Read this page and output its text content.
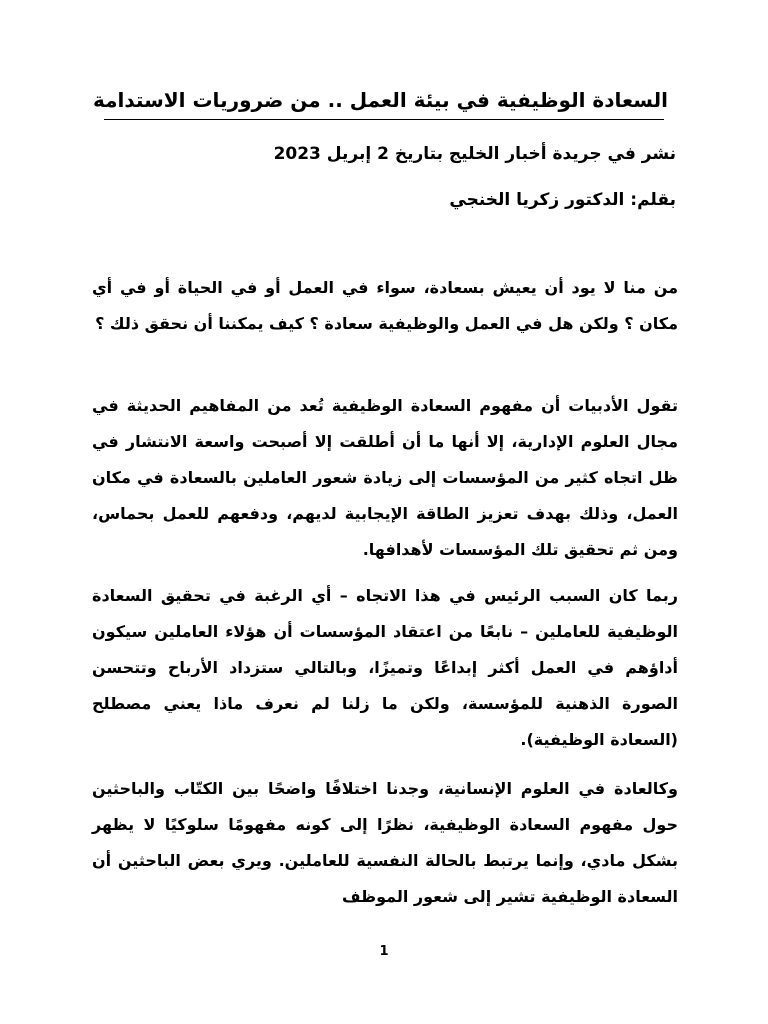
السعادة الوظيفية في بيئة العمل .. من ضروريات الاستدامة
نشر في جريدة أخبار الخليج بتاريخ 2 إبريل 2023
بقلم: الدكتور زكريا الخنجي

من منا لا يود أن يعيش بسعادة، سواء في العمل أو في الحياة أو في أي مكان ؟ ولكن هل في العمل والوظيفية سعادة ؟ كيف يمكننا أن نحقق ذلك ؟

تقول الأدبيات أن مفهوم السعادة الوظيفية تُعد من المفاهيم الحديثة في مجال العلوم الإدارية، إلا أنها ما أن أطلقت إلا أصبحت واسعة الانتشار في ظل اتجاه كثير من المؤسسات إلى زيادة شعور العاملين بالسعادة في مكان العمل، وذلك بهدف تعزيز الطاقة الإيجابية لديهم، ودفعهم للعمل بحماس، ومن ثم تحقيق تلك المؤسسات لأهدافها.

ربما كان السبب الرئيس في هذا الاتجاه – أي الرغبة في تحقيق السعادة الوظيفية للعاملين – نابعًا من اعتقاد المؤسسات أن هؤلاء العاملين سيكون أداؤهم في العمل أكثر إبداعًا وتميزًا، وبالتالي ستزداد الأرباح وتتحسن الصورة الذهنية للمؤسسة، ولكن ما زلنا لم نعرف ماذا يعني مصطلح (السعادة الوظيفية).

وكالعادة في العلوم الإنسانية، وجدنا اختلافًا واضحًا بين الكتّاب والباحثين حول مفهوم السعادة الوظيفية، نظرًا إلى كونه مفهومًا سلوكيًا لا يظهر بشكل مادي، وإنما يرتبط بالحالة النفسية للعاملين. ويري بعض الباحثين أن السعادة الوظيفية تشير إلى شعور الموظف

1
